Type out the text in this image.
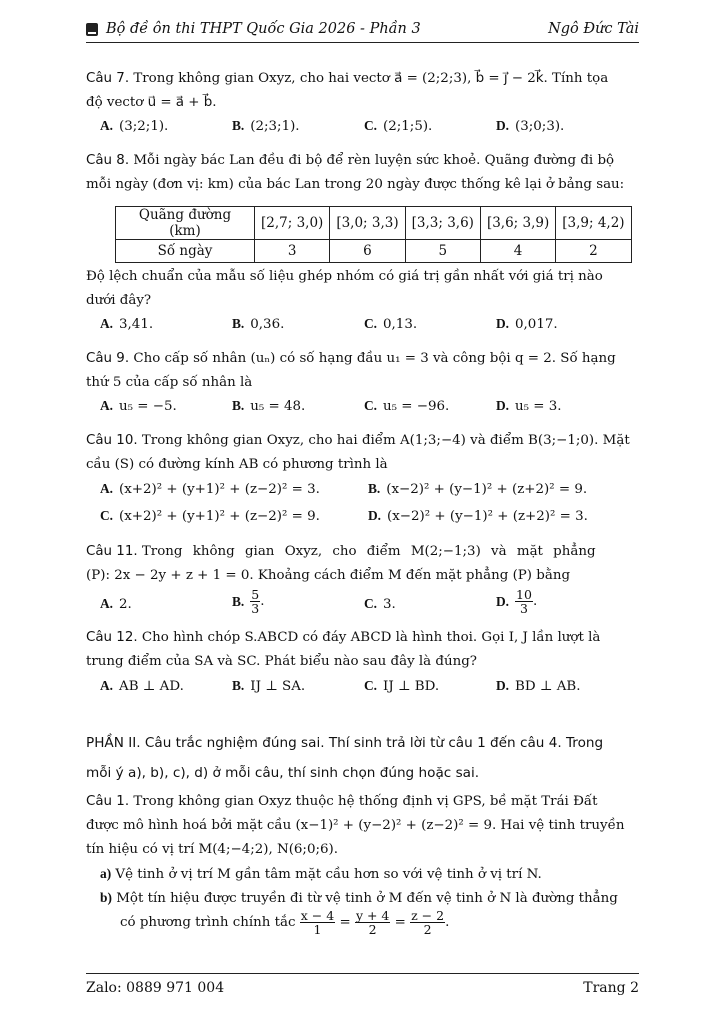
Bộ đề ôn thi THPT Quốc Gia 2026 - Phần 3	Ngô Đức Tài
Câu 7. Trong không gian Oxyz, cho hai vectơ a⃗ = (2;2;3), b⃗ = j⃗ − 2k⃗. Tính tọa
độ vectơ u⃗ = a⃗ + b⃗.
A. (3;2;1).	B. (2;3;1).	C. (2;1;5).	D. (3;0;3).
Câu 8. Mỗi ngày bác Lan đều đi bộ để rèn luyện sức khoẻ. Quãng đường đi bộ
mỗi ngày (đơn vị: km) của bác Lan trong 20 ngày được thống kê lại ở bảng sau:
Quãng đường (km)	[2,7; 3,0)	[3,0; 3,3)	[3,3; 3,6)	[3,6; 3,9)	[3,9; 4,2)
Số ngày	3	6	5	4	2
Độ lệch chuẩn của mẫu số liệu ghép nhóm có giá trị gần nhất với giá trị nào
dưới đây?
A. 3,41.	B. 0,36.	C. 0,13.	D. 0,017.
Câu 9. Cho cấp số nhân (uₙ) có số hạng đầu u₁ = 3 và công bội q = 2. Số hạng
thứ 5 của cấp số nhân là
A. u₅ = −5.	B. u₅ = 48.	C. u₅ = −96.	D. u₅ = 3.
Câu 10. Trong không gian Oxyz, cho hai điểm A(1;3;−4) và điểm B(3;−1;0). Mặt
cầu (S) có đường kính AB có phương trình là
A. (x+2)² + (y+1)² + (z−2)² = 3.	B. (x−2)² + (y−1)² + (z+2)² = 9.
C. (x+2)² + (y+1)² + (z−2)² = 9.	D. (x−2)² + (y−1)² + (z+2)² = 3.
Câu 11. Trong không gian Oxyz, cho điểm M(2;−1;3) và mặt phẳng
(P): 2x − 2y + z + 1 = 0. Khoảng cách điểm M đến mặt phẳng (P) bằng
A. 2.	B. $\frac{5}{3}$ .	C. 3.	D. $\frac{10}{3}$ .
Câu 12. Cho hình chóp S.ABCD có đáy ABCD là hình thoi. Gọi I, J lần lượt là
trung điểm của SA và SC. Phát biểu nào sau đây là đúng?
A. AB ⊥ AD.	B. IJ ⊥ SA.	C. IJ ⊥ BD.	D. BD ⊥ AB.
PHẦN II. Câu trắc nghiệm đúng sai. Thí sinh trả lời từ câu 1 đến câu 4. Trong
mỗi ý a), b), c), d) ở mỗi câu, thí sinh chọn đúng hoặc sai.
Câu 1. Trong không gian Oxyz thuộc hệ thống định vị GPS, bề mặt Trái Đất
được mô hình hoá bởi mặt cầu (x−1)² + (y−2)² + (z−2)² = 9. Hai vệ tinh truyền
tín hiệu có vị trí M(4;−4;2), N(6;0;6).
a) Vệ tinh ở vị trí M gần tâm mặt cầu hơn so với vệ tinh ở vị trí N.
b) Một tín hiệu được truyền đi từ vệ tinh ở M đến vệ tinh ở N là đường thẳng
có phương trình chính tắc $\frac{x - 4}{1} = \frac{y + 4}{2} = \frac{z - 2}{2}$ .
Zalo: 0889 971 004	Trang 2
